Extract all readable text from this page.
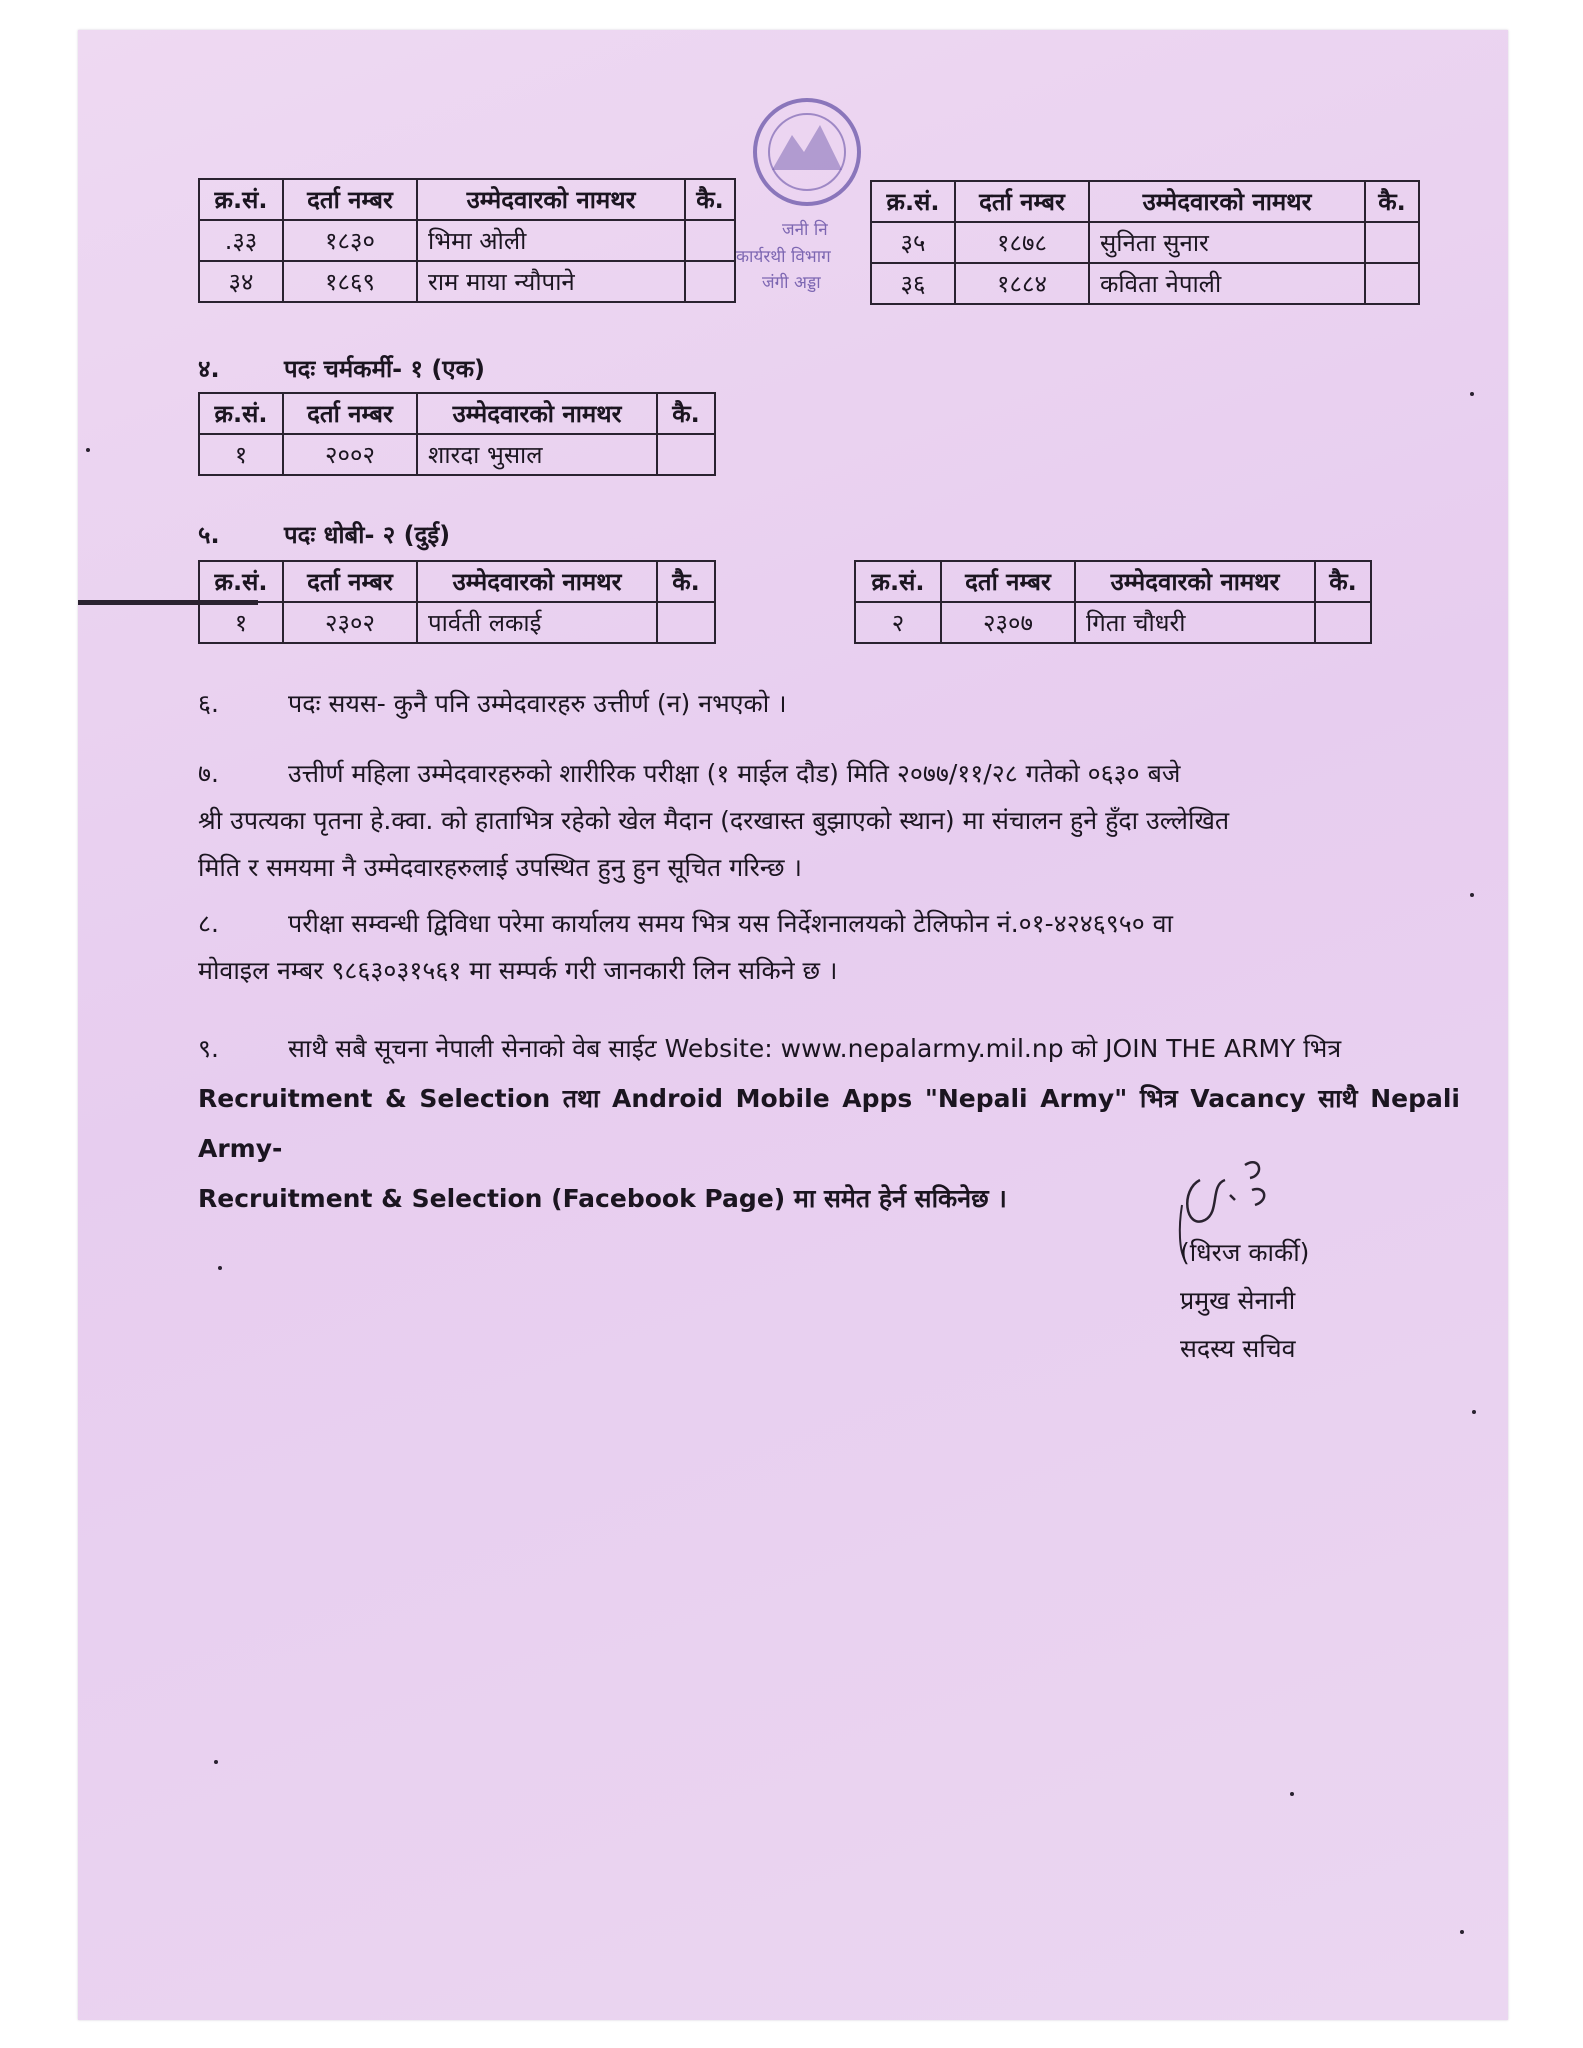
जनी नि
कार्यरथी विभाग
जंगी अड्डा
क्र.सं.	दर्ता नम्बर	उम्मेदवारको नामथर	कै.
.३३	१८३०	भिमा ओली	
३४	१८६९	राम माया न्यौपाने	
क्र.सं.	दर्ता नम्बर	उम्मेदवारको नामथर	कै.
३५	१८७८	सुनिता सुनार	
३६	१८८४	कविता नेपाली	
४.	पदः चर्मकर्मी- १ (एक)
क्र.सं.	दर्ता नम्बर	उम्मेदवारको नामथर	कै.
१	२००२	शारदा भुसाल	
५.	पदः धोबी- २ (दुई)
क्र.सं.	दर्ता नम्बर	उम्मेदवारको नामथर	कै.
१	२३०२	पार्वती लकाई	
क्र.सं.	दर्ता नम्बर	उम्मेदवारको नामथर	कै.
२	२३०७	गिता चौधरी	
६.	पदः सयस- कुनै पनि उम्मेदवारहरु उत्तीर्ण (न) नभएको ।
७.	उत्तीर्ण महिला उम्मेदवारहरुको शारीरिक परीक्षा (१ माईल दौड) मिति २०७७/११/२८ गतेको ०६३० बजे
श्री उपत्यका पृतना हे.क्वा. को हाताभित्र रहेको खेल मैदान (दरखास्त बुझाएको स्थान) मा संचालन हुने हुँदा उल्लेखित
मिति र समयमा नै उम्मेदवारहरुलाई उपस्थित हुनु हुन सूचित गरिन्छ ।
८.	परीक्षा सम्वन्धी द्विविधा परेमा कार्यालय समय भित्र यस निर्देशनालयको टेलिफोन नं.०१-४२४६९५० वा
मोवाइल नम्बर ९८६३०३१५६१ मा सम्पर्क गरी जानकारी लिन सकिने छ ।
९.	साथै सबै सूचना नेपाली सेनाको वेब साईट Website: www.nepalarmy.mil.np को JOIN THE ARMY भित्र
Recruitment & Selection तथा Android Mobile Apps "Nepali Army" भित्र Vacancy साथै Nepali Army-
Recruitment & Selection (Facebook Page) मा समेत हेर्न सकिनेछ ।
(धिरज कार्की)
प्रमुख सेनानी
सदस्य सचिव
